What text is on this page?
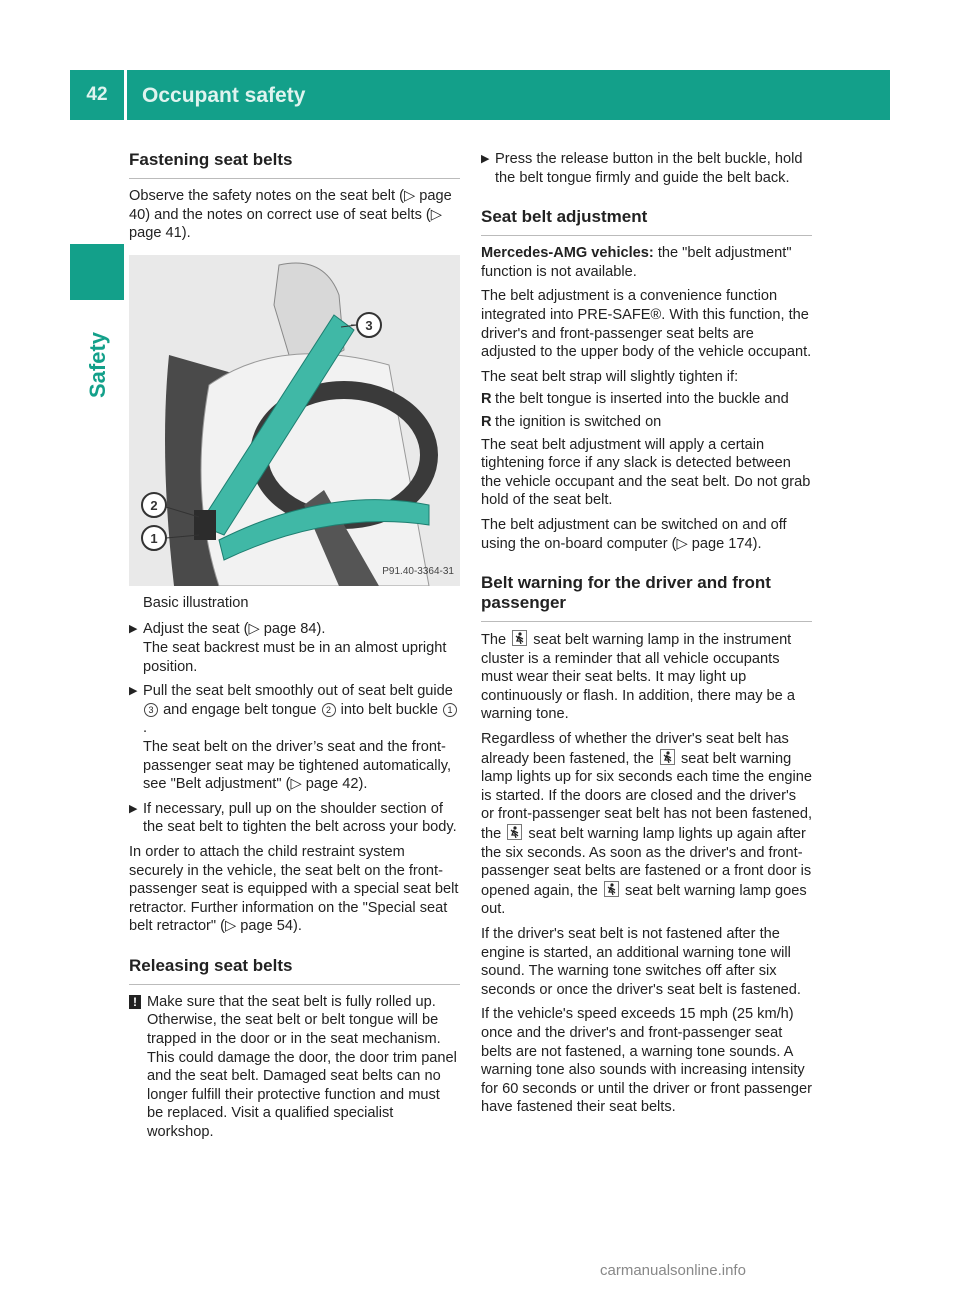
42	Occupant safety
Safety
Fastening seat belts

Observe the safety notes on the seat belt (▷ page 40) and the notes on correct use of seat belts (▷ page 41).

3
2
1
P91.40-3364-31

Basic illustration

▶ Adjust the seat (▷ page 84).
The seat backrest must be in an almost upright position.
▶ Pull the seat belt smoothly out of seat belt guide 3 and engage belt tongue 2 into belt buckle 1.
The seat belt on the driver’s seat and the front-passenger seat may be tightened automatically, see "Belt adjustment" (▷ page 42).
▶ If necessary, pull up on the shoulder section of the seat belt to tighten the belt across your body.

In order to attach the child restraint system securely in the vehicle, the seat belt on the front-passenger seat is equipped with a special seat belt retractor. Further information on the "Special seat belt retractor" (▷ page 54).

Releasing seat belts
! Make sure that the seat belt is fully rolled up. Otherwise, the seat belt or belt tongue will be trapped in the door or in the seat mechanism. This could damage the door, the door trim panel and the seat belt. Damaged seat belts can no longer fulfill their protective function and must be replaced. Visit a qualified specialist workshop.
▶ Press the release button in the belt buckle, hold the belt tongue firmly and guide the belt back.
Seat belt adjustment

Mercedes-AMG vehicles: the "belt adjustment" function is not available.

The belt adjustment is a convenience function integrated into PRE-SAFE®. With this function, the driver's and front-passenger seat belts are adjusted to the upper body of the vehicle occupant.

The seat belt strap will slightly tighten if:

R the belt tongue is inserted into the buckle and
R the ignition is switched on

The seat belt adjustment will apply a certain tightening force if any slack is detected between the vehicle occupant and the seat belt. Do not grab hold of the seat belt.

The belt adjustment can be switched on and off using the on-board computer (▷ page 174).

Belt warning for the driver and front passenger

The seat belt warning lamp in the instrument cluster is a reminder that all vehicle occupants must wear their seat belts. It may light up continuously or flash. In addition, there may be a warning tone.

Regardless of whether the driver's seat belt has already been fastened, the seat belt warning lamp lights up for six seconds each time the engine is started. If the doors are closed and the driver's or front-passenger seat belt has not been fastened, the seat belt warning lamp lights up again after the six seconds. As soon as the driver's and front-passenger seat belts are fastened or a front door is opened again, the seat belt warning lamp goes out.

If the driver's seat belt is not fastened after the engine is started, an additional warning tone will sound. The warning tone switches off after six seconds or once the driver's seat belt is fastened.

If the vehicle's speed exceeds 15 mph (25 km/h) once and the driver's and front-passenger seat belts are not fastened, a warning tone sounds. A warning tone also sounds with increasing intensity for 60 seconds or until the driver or front passenger have fastened their seat belts.

carmanualsonline.info
